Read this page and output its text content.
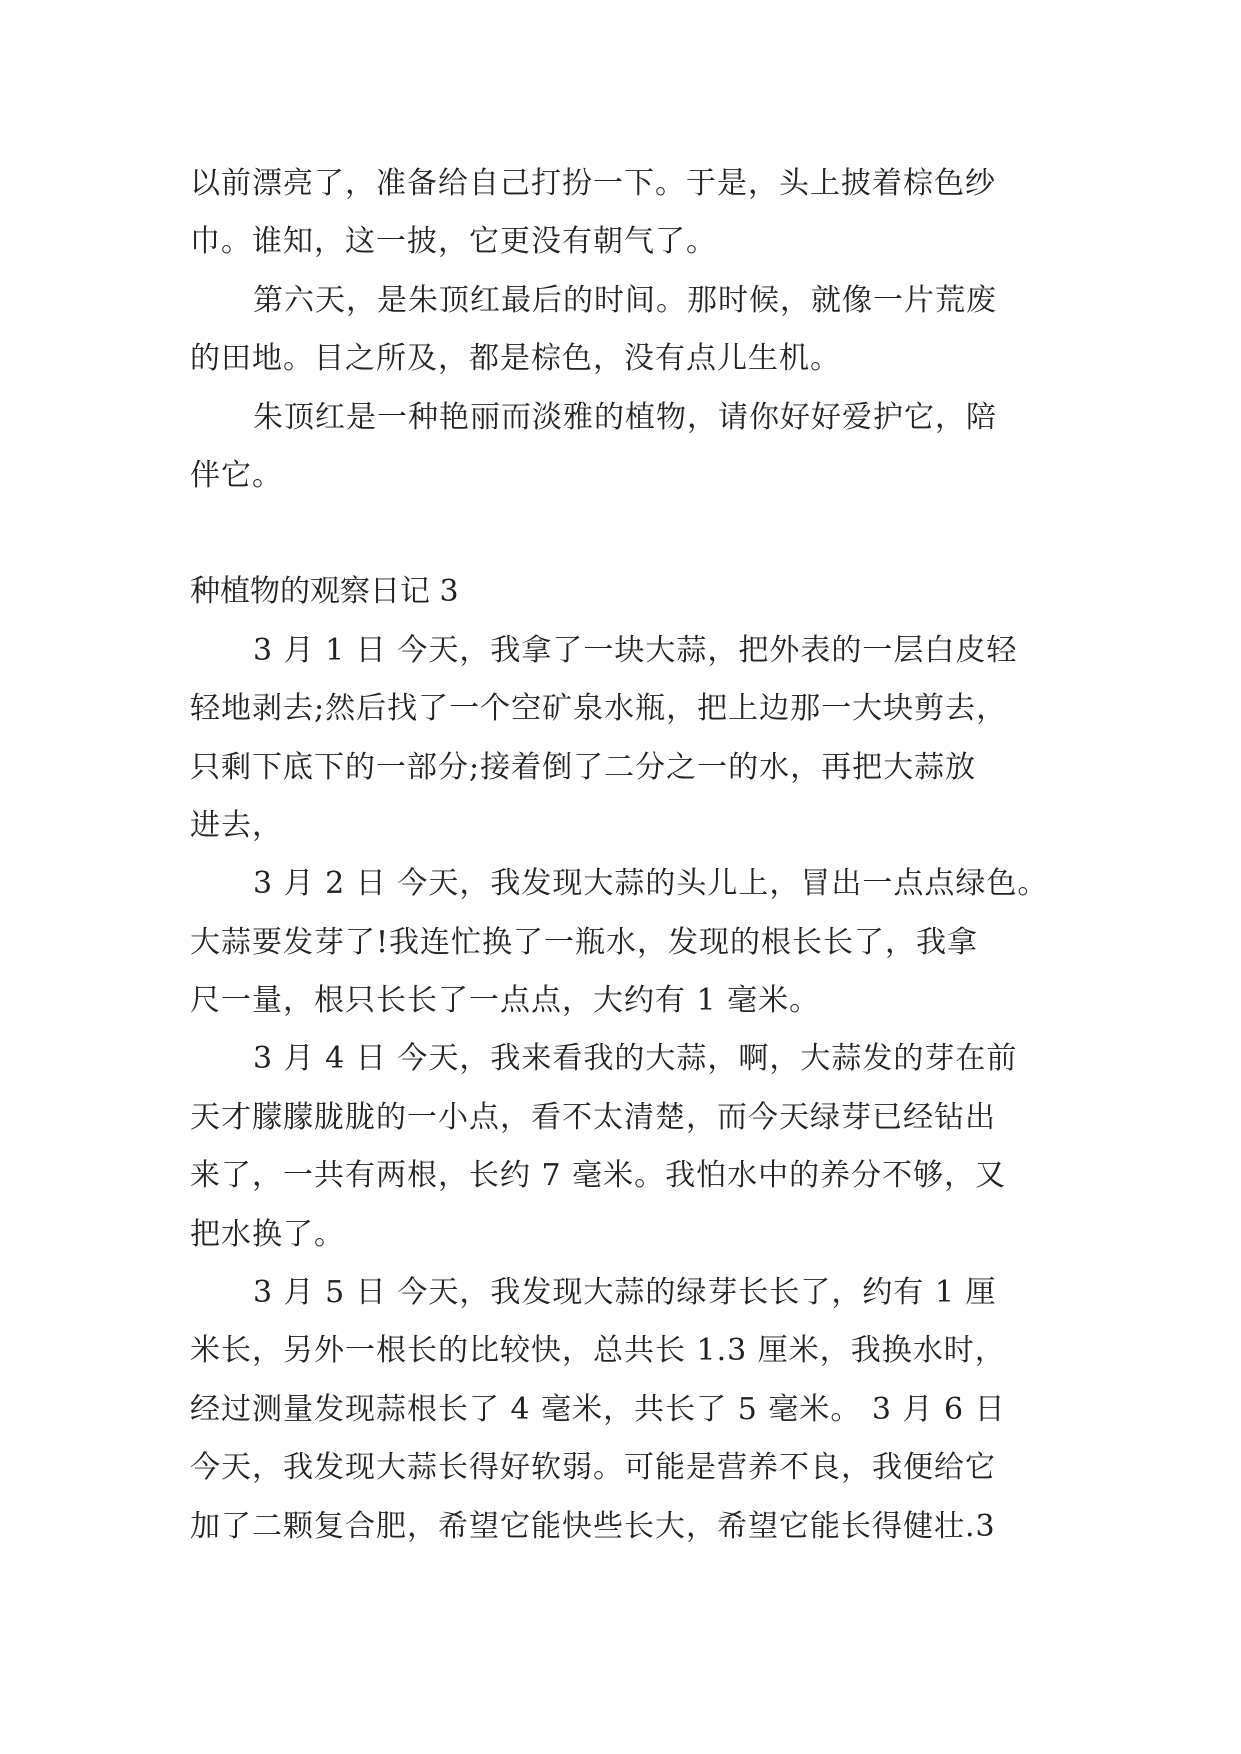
以前漂亮了，准备给自己打扮一下。于是，头上披着棕色纱
巾。谁知，这一披，它更没有朝气了。
第六天，是朱顶红最后的时间。那时候，就像一片荒废
的田地。目之所及，都是棕色，没有点儿生机。
朱顶红是一种艳丽而淡雅的植物，请你好好爱护它，陪
伴它。
种植物的观察日记 3
3 月 1 日 今天，我拿了一块大蒜，把外表的一层白皮轻
轻地剥去;然后找了一个空矿泉水瓶，把上边那一大块剪去，
只剩下底下的一部分;接着倒了二分之一的水，再把大蒜放
进去，
3 月 2 日 今天，我发现大蒜的头儿上，冒出一点点绿色。
大蒜要发芽了!我连忙换了一瓶水，发现的根长长了，我拿
尺一量，根只长长了一点点，大约有 1 毫米。
3 月 4 日 今天，我来看我的大蒜，啊，大蒜发的芽在前
天才朦朦胧胧的一小点，看不太清楚，而今天绿芽已经钻出
来了，一共有两根，长约 7 毫米。我怕水中的养分不够，又
把水换了。
3 月 5 日 今天，我发现大蒜的绿芽长长了，约有 1 厘
米长，另外一根长的比较快，总共长 1.3 厘米，我换水时，
经过测量发现蒜根长了 4 毫米，共长了 5 毫米。 3 月 6 日
今天，我发现大蒜长得好软弱。可能是营养不良，我便给它
加了二颗复合肥，希望它能快些长大，希望它能长得健壮.3
